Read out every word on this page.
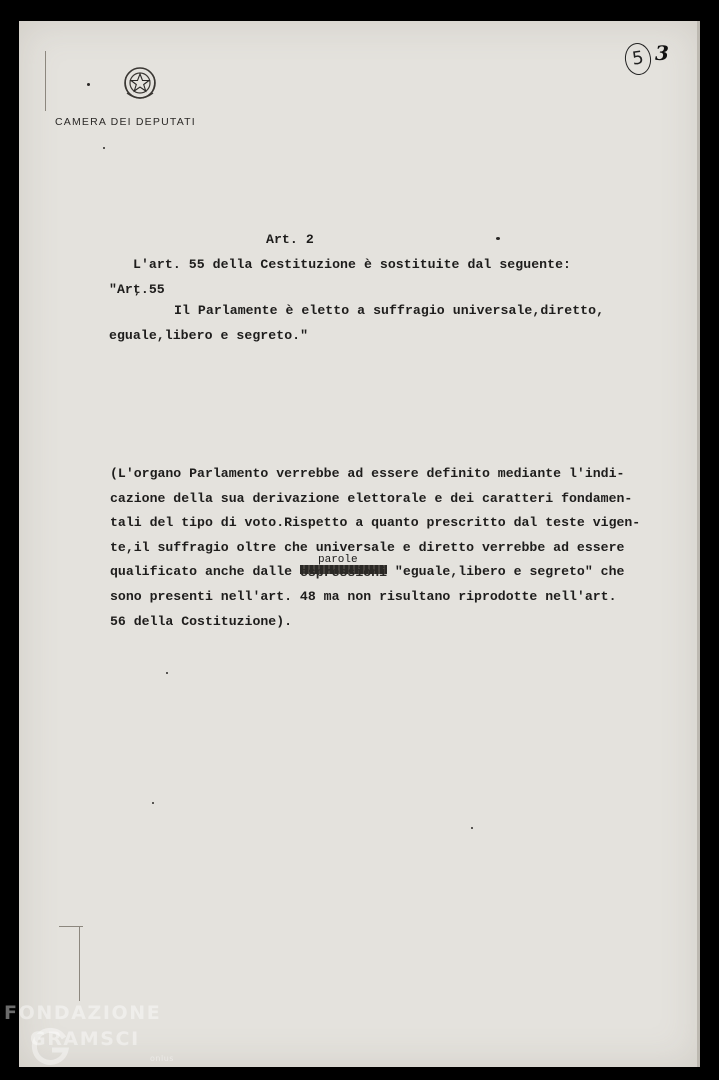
CAMERA DEI DEPUTATI
5 3
Art. 2
L'art. 55 della Cestituzione è sostituite dal seguente:
"Arţ.55
Il Parlamente è eletto a suffragio universale,diretto,
eguale,libero e segreto."
(L'organo Parlamento verrebbe ad essere definito mediante l'indi-
cazione della sua derivazione elettorale e dei caratteri fondamen-
tali del tipo di voto.Rispetto a quanto prescritto dal teste vigen-
te,il suffragio oltre che universale e diretto verrebbe ad essere
qualificato anche dalle espressioni "eguale,libero e segreto" che
parole
sono presenti nell'art. 48 ma non risultano riprodotte nell'art.
56 della Costituzione).
FONDAZIONE
GRAMSCI
onlus
